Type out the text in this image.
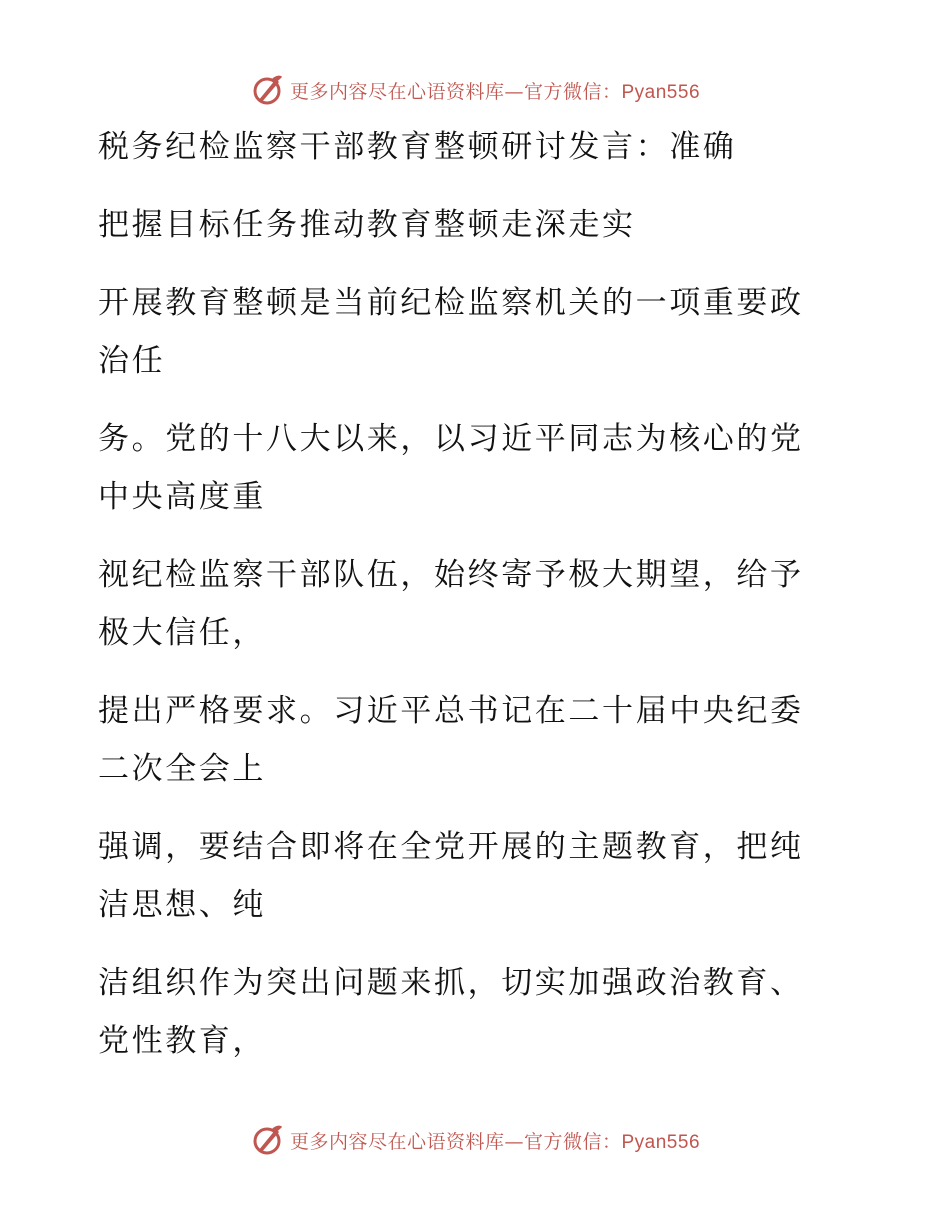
更多内容尽在心语资料库—官方微信：Pyan556
税务纪检监察干部教育整顿研讨发言：准确
把握目标任务推动教育整顿走深走实
开展教育整顿是当前纪检监察机关的一项重要政
治任
务。党的十八大以来，以习近平同志为核心的党
中央高度重
视纪检监察干部队伍，始终寄予极大期望，给予
极大信任，
提出严格要求。习近平总书记在二十届中央纪委
二次全会上
强调，要结合即将在全党开展的主题教育，把纯
洁思想、纯
洁组织作为突出问题来抓，切实加强政治教育、
党性教育，
更多内容尽在心语资料库—官方微信：Pyan556
